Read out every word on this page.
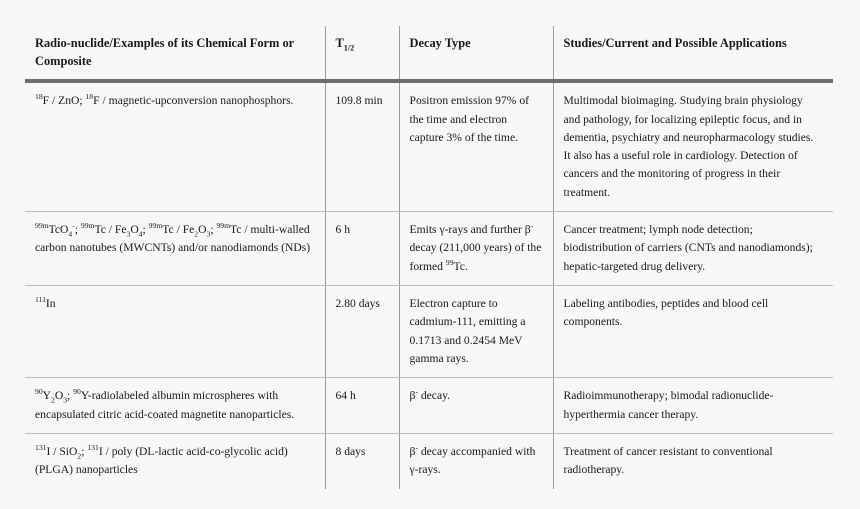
Radio-nuclide/Examples of its Chemical Form or Composite	$T_{1/2}$	Decay Type	Studies/Current and Possible Applications
$^{18}$F / ZnO; $^{18}$F / magnetic-upconversion nanophosphors.	109.8 min	Positron emission 97% of the time and electron capture 3% of the time.	Multimodal bioimaging. Studying brain physiology and pathology, for localizing epileptic focus, and in dementia, psychiatry and neuropharmacology studies. It also has a useful role in cardiology. Detection of cancers and the monitoring of progress in their treatment.
$^{99m}$TcO$_4$-; $^{99m}Tc / Fe_3O_4$; $^{99m}Tc / Fe_2O_3$; $^{99m}$Tc / multi-walled carbon nanotubes (MWCNTs) and/or nanodiamonds (NDs)	6 h	Emits γ-rays and further β- decay (211,000 years) of the formed $^{99}$Tc.	Cancer treatment; lymph node detection; biodistribution of carriers (CNTs and nanodiamonds); hepatic-targeted drug delivery.
$^{111}$In	2.80 days	Electron capture to cadmium-111, emitting a 0.1713 and 0.2454 MeV gamma rays.	Labeling antibodies, peptides and blood cell components.
$^{90}Y_2O_3$; $^{90}$Y-radiolabeled albumin microspheres with encapsulated citric acid-coated magnetite nanoparticles.	64 h	β- decay.	Radioimmunotherapy; bimodal radionuclide-hyperthermia cancer therapy.
$^{131}$I / SiO$_2$; $^{131}$I / poly (DL-lactic acid-co-glycolic acid) (PLGA) nanoparticles	8 days	β- decay accompanied with γ-rays.	Treatment of cancer resistant to conventional radiotherapy.
